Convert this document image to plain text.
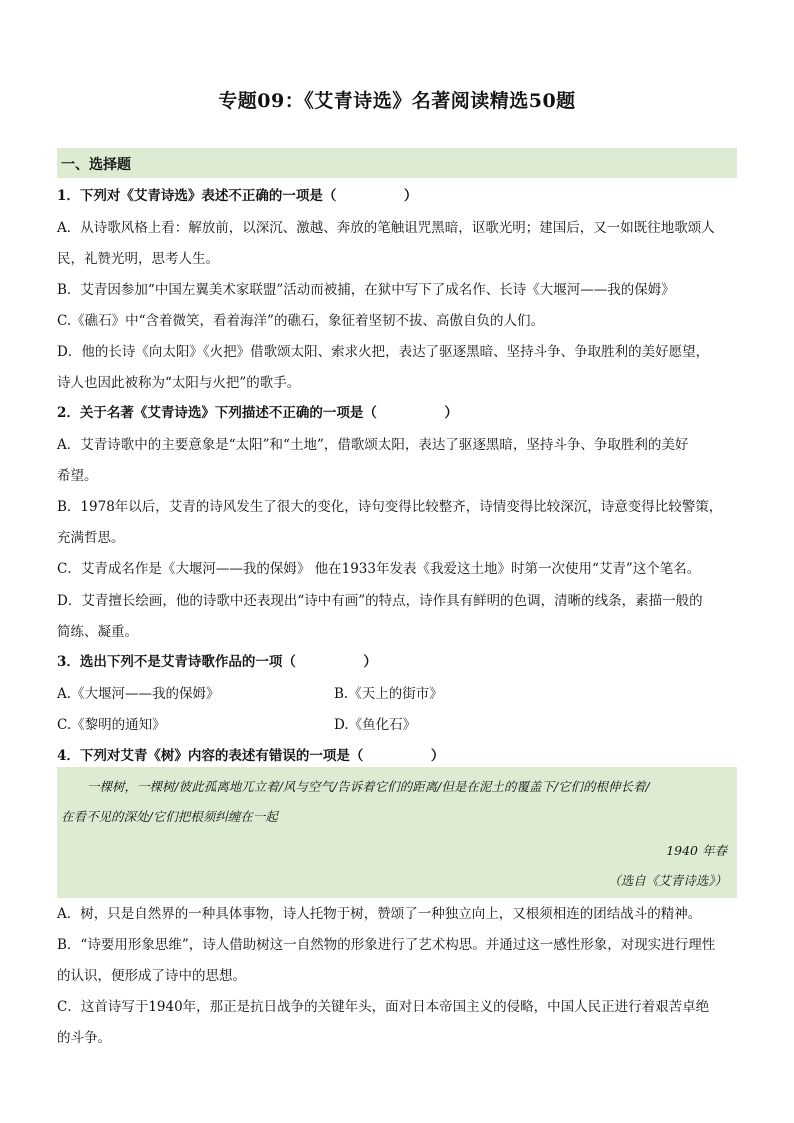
专题09：《艾青诗选》名著阅读精选50题
一、选择题
1．下列对《艾青诗选》表述不正确的一项是（　　　　　）
A．从诗歌风格上看：解放前，以深沉、激越、奔放的笔触诅咒黑暗，讴歌光明；建国后，又一如既往地歌颂人
民，礼赞光明，思考人生。
B．艾青因参加“中国左翼美术家联盟”活动而被捕，在狱中写下了成名作、长诗《大堰河——我的保姆》
C.《礁石》中“含着微笑，看着海洋”的礁石，象征着坚韧不拔、高傲自负的人们。
D．他的长诗《向太阳》《火把》借歌颂太阳、索求火把，表达了驱逐黑暗、坚持斗争、争取胜利的美好愿望，
诗人也因此被称为“太阳与火把”的歌手。
2．关于名著《艾青诗选》下列描述不正确的一项是（　　　　　）
A．艾青诗歌中的主要意象是“太阳”和“土地”，借歌颂太阳，表达了驱逐黑暗，坚持斗争、争取胜利的美好
希望。
B．1978年以后，艾青的诗风发生了很大的变化，诗句变得比较整齐，诗情变得比较深沉，诗意变得比较警策，
充满哲思。
C．艾青成名作是《大堰河——我的保姆》 他在1933年发表《我爱这土地》时第一次使用“艾青”这个笔名。
D．艾青擅长绘画，他的诗歌中还表现出“诗中有画”的特点，诗作具有鲜明的色调，清晰的线条，素描一般的
简练、凝重。
3．选出下列不是艾青诗歌作品的一项（　　　　　）
A.《大堰河——我的保姆》	B.《天上的街市》
C.《黎明的通知》	D.《鱼化石》
4．下列对艾青《树》内容的表述有错误的一项是（　　　　　）
一棵树，一棵树/彼此孤离地兀立着/风与空气/告诉着它们的距离/但是在泥土的覆盖下/它们的根伸长着/
在看不见的深处/它们把根须纠缠在一起
1940 年春
（选自《艾青诗选》）
A．树，只是自然界的一种具体事物，诗人托物于树，赞颂了一种独立向上，又根须相连的团结战斗的精神。
B．“诗要用形象思维”，诗人借助树这一自然物的形象进行了艺术构思。并通过这一感性形象，对现实进行理性
的认识，便形成了诗中的思想。
C．这首诗写于1940年，那正是抗日战争的关键年头，面对日本帝国主义的侵略，中国人民正进行着艰苦卓绝
的斗争。
